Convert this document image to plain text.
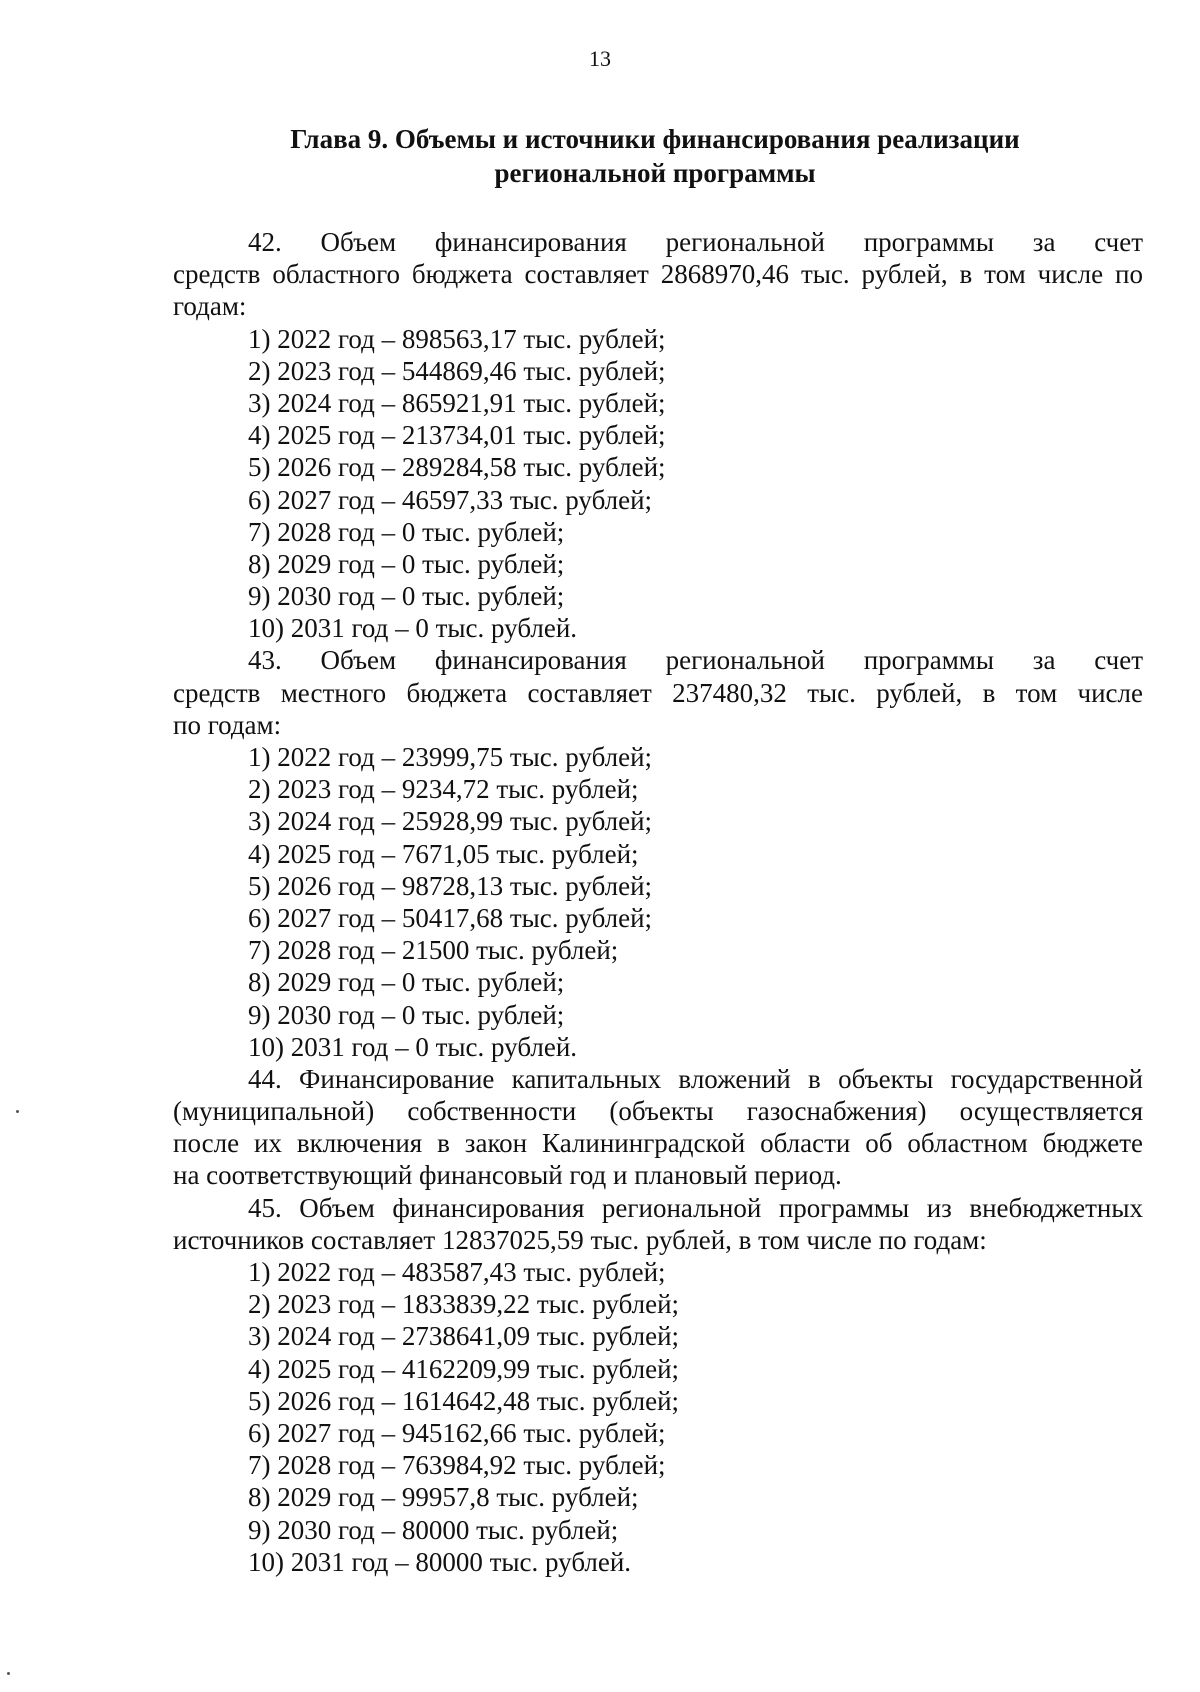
13
Глава 9. Объемы и источники финансирования реализации
региональной программы
42. Объем финансирования региональной программы за счет
средств областного бюджета составляет 2868970,46 тыс. рублей, в том числе по
годам:
1) 2022 год – 898563,17 тыс. рублей;
2) 2023 год – 544869,46 тыс. рублей;
3) 2024 год – 865921,91 тыс. рублей;
4) 2025 год – 213734,01 тыс. рублей;
5) 2026 год – 289284,58 тыс. рублей;
6) 2027 год – 46597,33 тыс. рублей;
7) 2028 год – 0 тыс. рублей;
8) 2029 год – 0 тыс. рублей;
9) 2030 год – 0 тыс. рублей;
10) 2031 год – 0 тыс. рублей.
43. Объем финансирования региональной программы за счет
средств местного бюджета составляет 237480,32 тыс. рублей, в том числе
по годам:
1) 2022 год – 23999,75 тыс. рублей;
2) 2023 год – 9234,72 тыс. рублей;
3) 2024 год – 25928,99 тыс. рублей;
4) 2025 год – 7671,05 тыс. рублей;
5) 2026 год – 98728,13 тыс. рублей;
6) 2027 год – 50417,68 тыс. рублей;
7) 2028 год – 21500 тыс. рублей;
8) 2029 год – 0 тыс. рублей;
9) 2030 год – 0 тыс. рублей;
10) 2031 год – 0 тыс. рублей.
44. Финансирование капитальных вложений в объекты государственной
(муниципальной) собственности (объекты газоснабжения) осуществляется
после их включения в закон Калининградской области об областном бюджете
на соответствующий финансовый год и плановый период.
45. Объем финансирования региональной программы из внебюджетных
источников составляет 12837025,59 тыс. рублей, в том числе по годам:
1) 2022 год – 483587,43 тыс. рублей;
2) 2023 год – 1833839,22 тыс. рублей;
3) 2024 год – 2738641,09 тыс. рублей;
4) 2025 год – 4162209,99 тыс. рублей;
5) 2026 год – 1614642,48 тыс. рублей;
6) 2027 год – 945162,66 тыс. рублей;
7) 2028 год – 763984,92 тыс. рублей;
8) 2029 год – 99957,8 тыс. рублей;
9) 2030 год – 80000 тыс. рублей;
10) 2031 год – 80000 тыс. рублей.
